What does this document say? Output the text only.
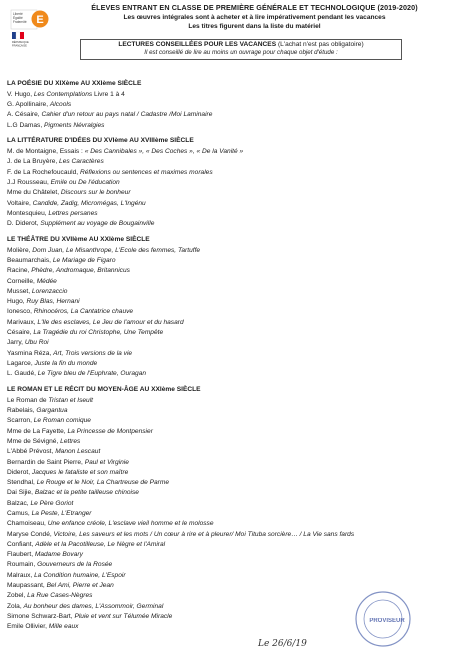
Liberté
Égalité
Fraternité E
RÉPUBLIQUE
FRANÇAISE
ÉLEVES ENTRANT EN CLASSE DE PREMIÈRE GÉNÉRALE ET TECHNOLOGIQUE (2019-2020)
Les œuvres intégrales sont à acheter et à lire impérativement pendant les vacances
Les titres figurent dans la liste du matériel
LECTURES CONSEILLÉES POUR LES VACANCES (L'achat n'est pas obligatoire)
Il est conseillé de lire au moins un ouvrage pour chaque objet d'étude :
LA POÉSIE DU XIXème AU XXIème SIÈCLE
V. Hugo, Les Contemplations Livre 1 à 4
G. Apollinaire, Alcools
A. Césaire, Cahier d'un retour au pays natal / Cadastre /Moi Laminaire
L.G Damas, Pigments Névralgies
LA LITTÉRATURE D'IDÉES DU XVIème AU XVIIIème SIÈCLE
M. de Montaigne, Essais : « Des Cannibales », « Des Coches », « De la Vanité »
J. de La Bruyère, Les Caractères
F. de La Rochefoucauld, Réflexions ou sentences et maximes morales
J.J Rousseau, Emile ou De l'éducation
Mme du Châtelet, Discours sur le bonheur
Voltaire, Candide, Zadig, Micromégas, L'Ingénu
Montesquieu, Lettres persanes
D. Diderot, Supplément au voyage de Bougainville
LE THÉÂTRE DU XVIIème AU XXIème SIÈCLE
Molière, Dom Juan, Le Misanthrope, L'Ecole des femmes, Tartuffe
Beaumarchais, Le Mariage de Figaro
Racine, Phèdre, Andromaque, Britannicus
Corneille, Médée
Musset, Lorenzaccio
Hugo, Ruy Blas, Hernani
Ionesco, Rhinocéros, La Cantatrice chauve
Marivaux, L'Ile des esclaves, Le Jeu de l'amour et du hasard
Césaire, La Tragédie du roi Christophe, Une Tempête
Jarry, Ubu Roi
Yasmina Réza, Art, Trois versions de la vie
Lagarce, Juste la fin du monde
L. Gaudé, Le Tigre bleu de l'Euphrate, Ouragan
LE ROMAN ET LE RÉCIT DU MOYEN-ÂGE AU XXIème SIÈCLE
Le Roman de Tristan et Iseult
Rabelais, Gargantua
Scarron, Le Roman comique
Mme de La Fayette, La Princesse de Montpensier
Mme de Sévigné, Lettres
L'Abbé Prévost, Manon Lescaut
Bernardin de Saint Pierre, Paul et Virginie
Diderot, Jacques le fataliste et son maître
Stendhal, Le Rouge et le Noir, La Chartreuse de Parme
Dai Sijie, Balzac et la petite tailleuse chinoise
Balzac, Le Père Goriot
Camus, La Peste, L'Etranger
Chamoiseau, Une enfance créole, L'esclave vieil homme et le molosse
Maryse Condé, Victoire, Les saveurs et les mots / Un cœur à rire et à pleurer/ Moi Tituba sorcière… / La Vie sans fards
Confiant, Adèle et la Pacotilleuse, Le Nègre et l'Amiral
Flaubert, Madame Bovary
Roumain, Gouverneurs de la Rosée
Malraux, La Condition humaine, L'Espoir
Maupassant, Bel Ami, Pierre et Jean
Zobel, La Rue Cases-Nègres
Zola, Au bonheur des dames, L'Assommoir, Germinal
Simone Schwarz-Bart, Pluie et vent sur Télumée Miracle
Emile Ollivier, Mille eaux
PROVISEUR
Le 26/6/19
